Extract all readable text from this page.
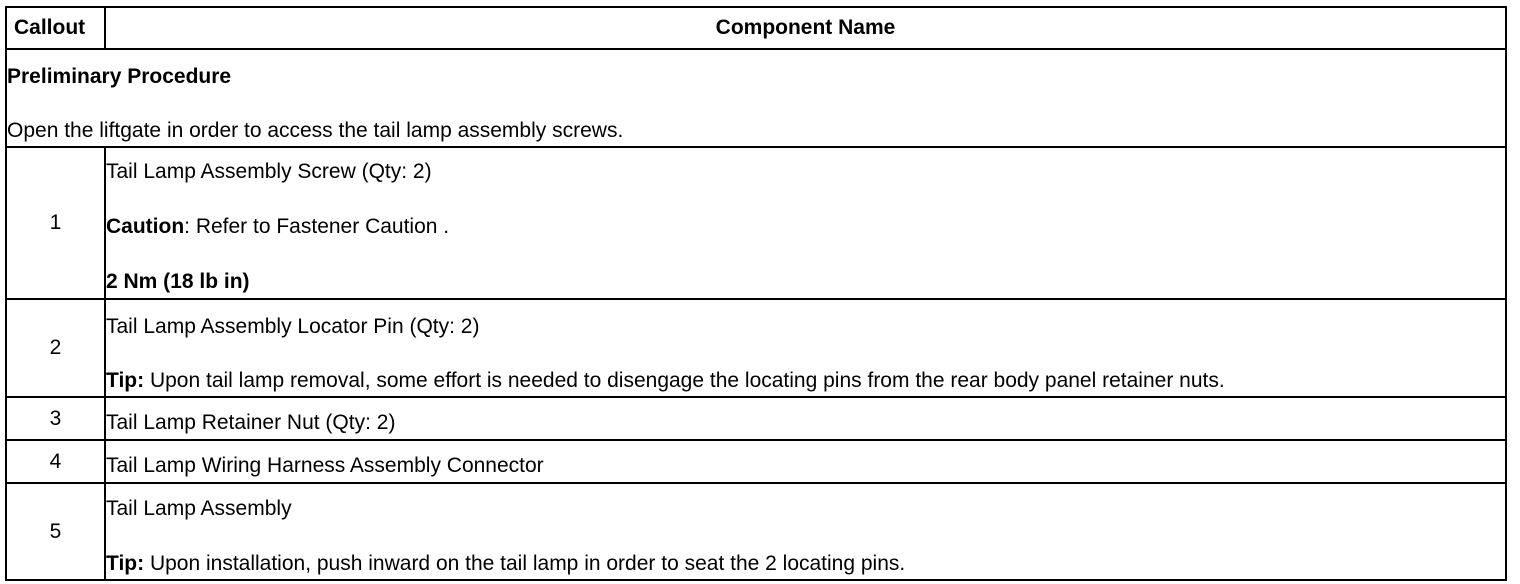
Callout	Component Name

Preliminary Procedure
Open the liftgate in order to access the tail lamp assembly screws.	

1	Tail Lamp Assembly Screw (Qty: 2)
Caution: Refer to Fastener Caution .
2 Nm (18 lb in)

2	Tail Lamp Assembly Locator Pin (Qty: 2)
Tip: Upon tail lamp removal, some effort is needed to disengage the locating pins from the rear body panel retainer nuts.

3	Tail Lamp Retainer Nut (Qty: 2)

4	Tail Lamp Wiring Harness Assembly Connector

5	Tail Lamp Assembly
Tip: Upon installation, push inward on the tail lamp in order to seat the 2 locating pins.
